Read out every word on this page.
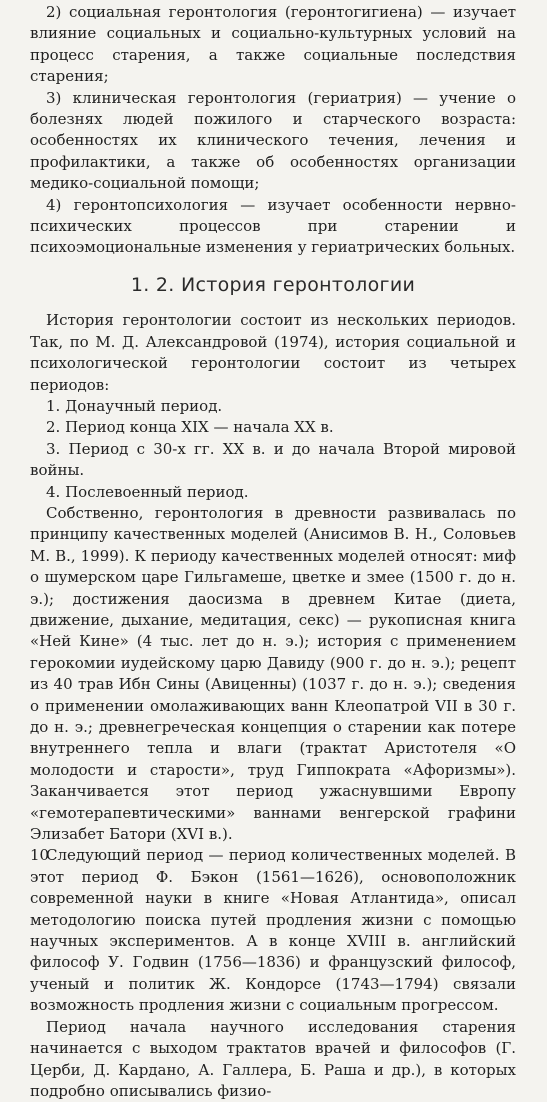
2) социальная геронтология (геронтогигиена) — изучает влияние социальных и социально-культурных условий на процесс старения, а также социальные последствия старения;

3) клиническая геронтология (гериатрия) — учение о болезнях людей пожилого и старческого возраста: особенностях их клинического течения, лечения и профилактики, а также об особенностях организации медико-социальной помощи;

4) геронтопсихология — изучает особенности нервно-психических процессов при старении и психоэмоциональные изменения у гериатрических больных.

1. 2. История геронтологии

История геронтологии состоит из нескольких периодов. Так, по М. Д. Александровой (1974), история социальной и психологической геронтологии состоит из четырех периодов:

1. Донаучный период.

2. Период конца XIX — начала XX в.

3. Период с 30-х гг. XX в. и до начала Второй мировой войны.

4. Послевоенный период.

Собственно, геронтология в древности развивалась по принципу качественных моделей (Анисимов В. Н., Соловьев М. В., 1999). К периоду качественных моделей относят: миф о шумерском царе Гильгамеше, цветке и змее (1500 г. до н. э.); достижения даосизма в древнем Китае (диета, движение, дыхание, медитация, секс) — рукописная книга «Ней Кине» (4 тыс. лет до н. э.); история с применением герокомии иудейскому царю Давиду (900 г. до н. э.); рецепт из 40 трав Ибн Сины (Авиценны) (1037 г. до н. э.); сведения о применении омолаживающих ванн Клеопатрой VII в 30 г. до н. э.; древнегреческая концепция о старении как потере внутреннего тепла и влаги (трактат Аристотеля «О молодости и старости», труд Гиппократа «Афоризмы»). Заканчивается этот период ужаснувшими Европу «гемотерапевтическими» ваннами венгерской графини Элизабет Батори (XVI в.).

Следующий период — период количественных моделей. В этот период Ф. Бэкон (1561—1626), основоположник современной науки в книге «Новая Атлантида», описал методологию поиска путей продления жизни с помощью научных экспериментов. А в конце XVIII в. английский философ У. Годвин (1756—1836) и французский философ, ученый и политик Ж. Кондорсе (1743—1794) связали возможность продления жизни с социальным прогрессом.

Период начала научного исследования старения начинается с выходом трактатов врачей и философов (Г. Церби, Д. Кардано, А. Галлера, Б. Раша и др.), в которых подробно описывались физио-

10
